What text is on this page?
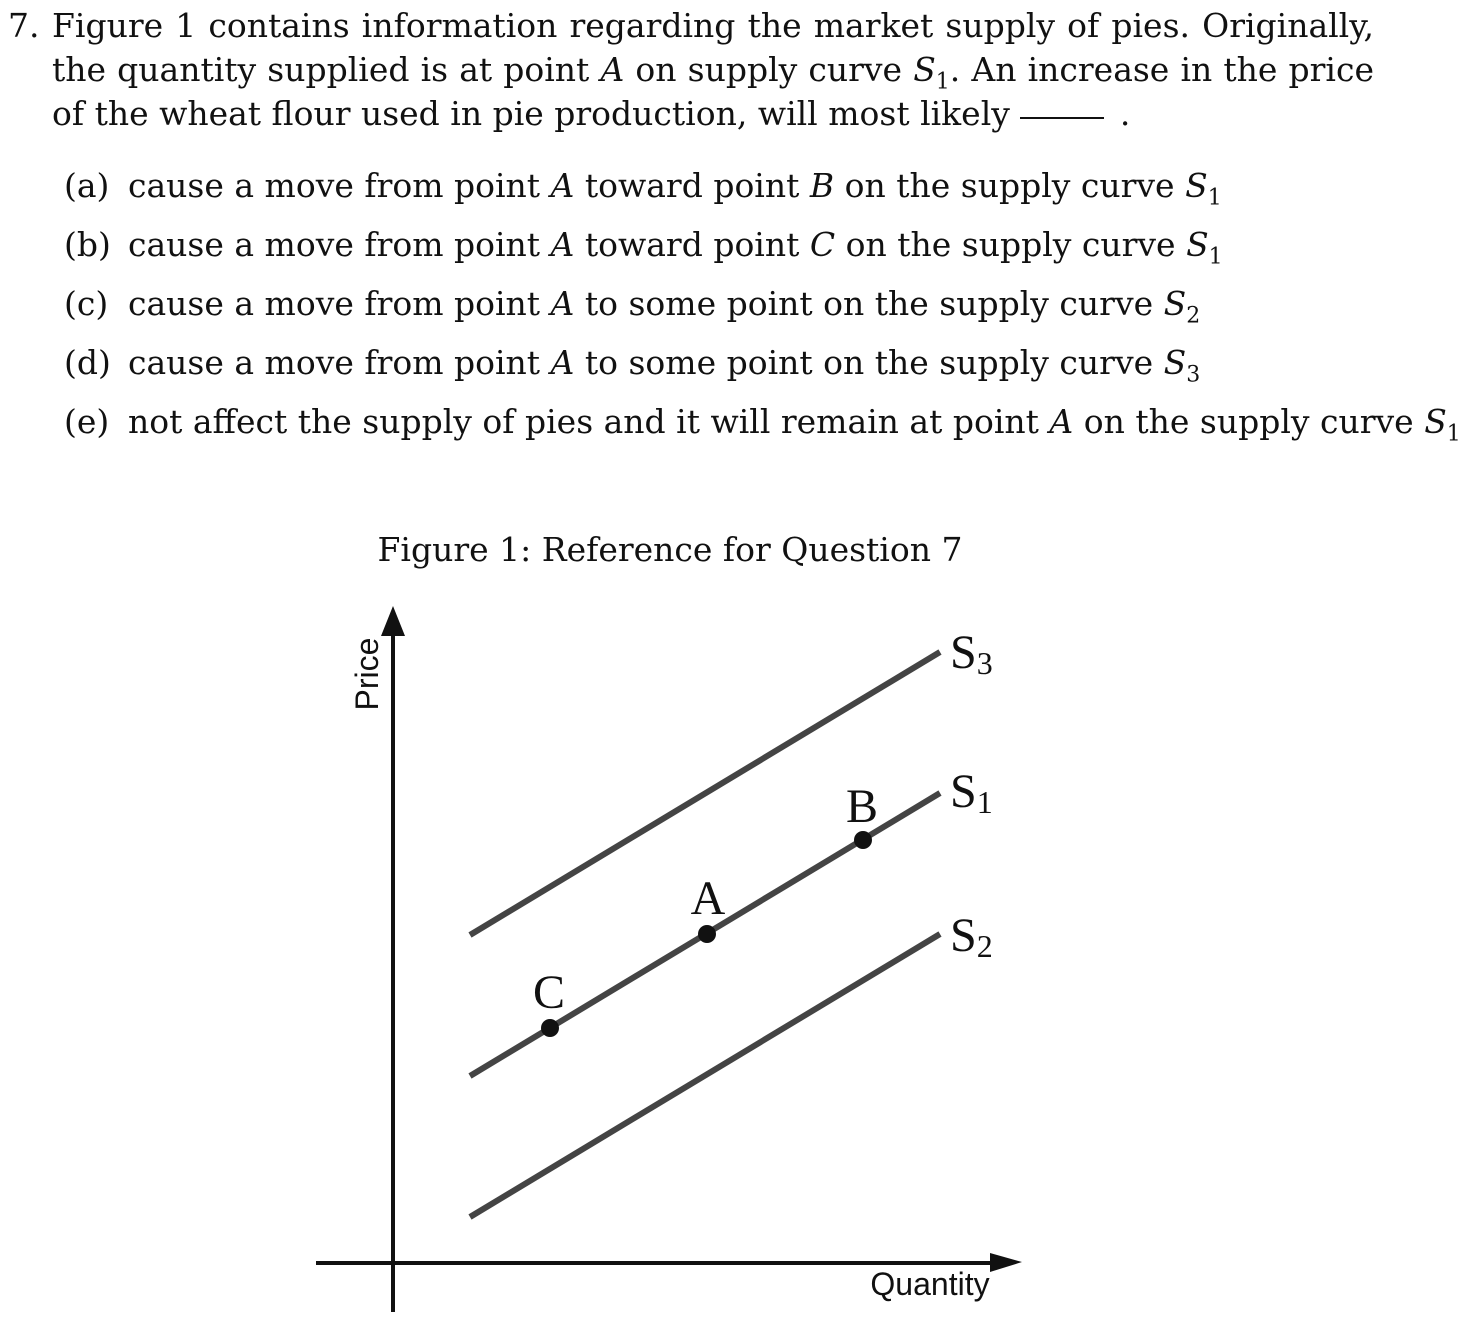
7. Figure 1 contains information regarding the market supply of pies. Originally, the quantity supplied is at point A on supply curve $S_1$. An increase in the price of the wheat flour used in pie production, will most likely	.
(a) cause a move from point A toward point B on the supply curve $S_1$
(b) cause a move from point A toward point C on the supply curve $S_1$
(c) cause a move from point A to some point on the supply curve $S_2$
(d) cause a move from point A to some point on the supply curve $S_3$
(e) not affect the supply of pies and it will remain at point A on the supply curve $S_1$
Figure 1: Reference for Question 7
Price
Quantity
S3
S1
S2
C
A
B
